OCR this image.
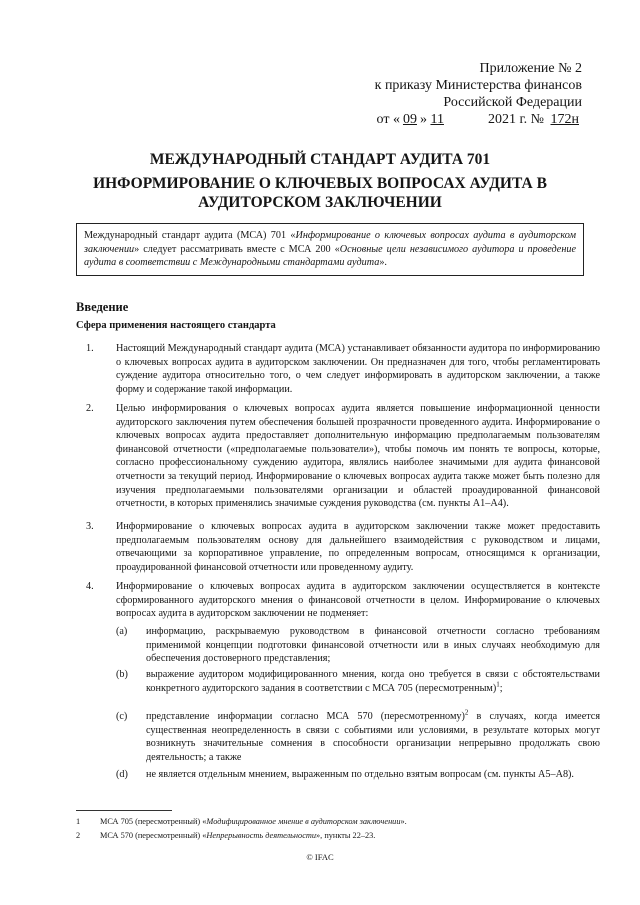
Приложение № 2
к приказу Министерства финансов
Российской Федерации
от « 09 » 11	2021 г. № 172н
МЕЖДУНАРОДНЫЙ СТАНДАРТ АУДИТА 701
ИНФОРМИРОВАНИЕ О КЛЮЧЕВЫХ ВОПРОСАХ АУДИТА В АУДИТОРСКОМ ЗАКЛЮЧЕНИИ
Международный стандарт аудита (МСА) 701 «Информирование о ключевых вопросах аудита в аудиторском заключении» следует рассматривать вместе с МСА 200 «Основные цели независимого аудитора и проведение аудита в соответствии с Международными стандартами аудита».
Введение
Сфера применения настоящего стандарта
1. Настоящий Международный стандарт аудита (МСА) устанавливает обязанности аудитора по информированию о ключевых вопросах аудита в аудиторском заключении. Он предназначен для того, чтобы регламентировать суждение аудитора относительно того, о чем следует информировать в аудиторском заключении, а также форму и содержание такой информации.
2. Целью информирования о ключевых вопросах аудита является повышение информационной ценности аудиторского заключения путем обеспечения большей прозрачности проведенного аудита. Информирование о ключевых вопросах аудита предоставляет дополнительную информацию предполагаемым пользователям финансовой отчетности («предполагаемые пользователи»), чтобы помочь им понять те вопросы, которые, согласно профессиональному суждению аудитора, являлись наиболее значимыми для аудита финансовой отчетности за текущий период. Информирование о ключевых вопросах аудита также может быть полезно для изучения предполагаемыми пользователями организации и областей проаудированной финансовой отчетности, в которых применялись значимые суждения руководства (см. пункты A1–A4).
3. Информирование о ключевых вопросах аудита в аудиторском заключении также может предоставить предполагаемым пользователям основу для дальнейшего взаимодействия с руководством и лицами, отвечающими за корпоративное управление, по определенным вопросам, относящимся к организации, проаудированной финансовой отчетности или проведенному аудиту.
4. Информирование о ключевых вопросах аудита в аудиторском заключении осуществляется в контексте сформированного аудиторского мнения о финансовой отчетности в целом. Информирование о ключевых вопросах аудита в аудиторском заключении не подменяет:
(a) информацию, раскрываемую руководством в финансовой отчетности согласно требованиям применимой концепции подготовки финансовой отчетности или в иных случаях необходимую для обеспечения достоверного представления;
(b) выражение аудитором модифицированного мнения, когда оно требуется в связи с обстоятельствами конкретного аудиторского задания в соответствии с МСА 705 (пересмотренным)$^1$;
(c) представление информации согласно МСА 570 (пересмотренному)$^2$ в случаях, когда имеется существенная неопределенность в связи с событиями или условиями, в результате которых могут возникнуть значительные сомнения в способности организации непрерывно продолжать свою деятельность; а также
(d) не является отдельным мнением, выраженным по отдельно взятым вопросам (см. пункты A5–A8).
1 МСА 705 (пересмотренный) «Модифицированное мнение в аудиторском заключении».
2 МСА 570 (пересмотренный) «Непрерывность деятельности», пункты 22–23.
© IFAC
